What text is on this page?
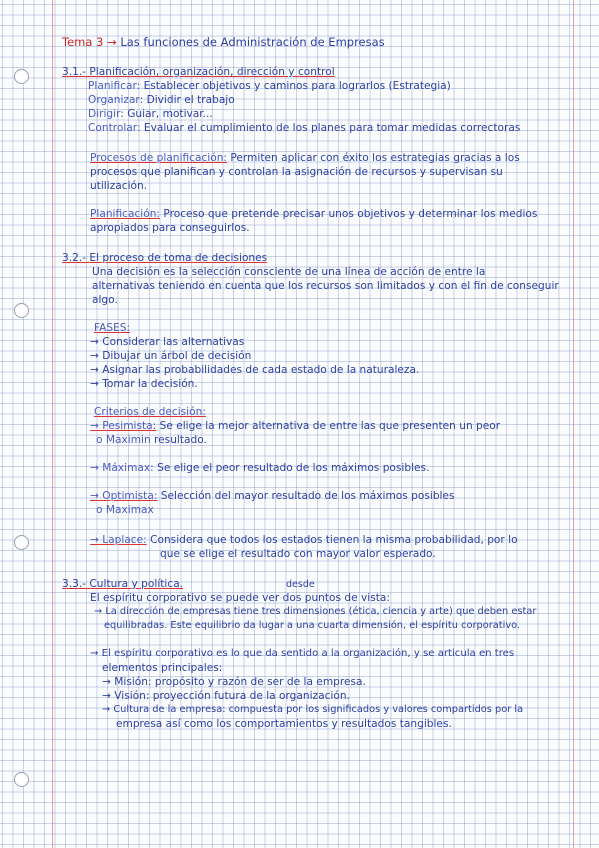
Tema 3 → Las funciones de Administración de Empresas
3.1.- Planificación, organización, dirección y control
Planificar: Establecer objetivos y caminos para lograrlos (Estrategia)
Organizar: Dividir el trabajo
Dirigir: Guiar, motivar...
Controlar: Evaluar el cumplimiento de los planes para tomar medidas correctoras
Procesos de planificación: Permiten aplicar con éxito los estrategias gracias a los
procesos que planifican y controlan la asignación de recursos y supervisan su
utilización.
Planificación: Proceso que pretende precisar unos objetivos y determinar los medios
apropiados para conseguirlos.
3.2.- El proceso de toma de decisiones
Una decisión es la selección consciente de una línea de acción de entre la
alternativas teniendo en cuenta que los recursos son limitados y con el fin de conseguir
algo.
FASES:
→ Considerar las alternativas
→ Dibujar un árbol de decisión
→ Asignar las probabilidades de cada estado de la naturaleza.
→ Tomar la decisión.
Criterios de decisión:
→ Pesimista: Se elige la mejor alternativa de entre las que presenten un peor
o Maximin resultado.
→ Máximax: Se elige el peor resultado de los máximos posibles.
→ Optimista: Selección del mayor resultado de los máximos posibles
o Maximax
→ Laplace: Considera que todos los estados tienen la misma probabilidad, por lo
que se elige el resultado con mayor valor esperado.
3.3.- Cultura y política.	desde
El espíritu corporativo se puede ver dos puntos de vista:
→ La dirección de empresas tiene tres dimensiones (ética, ciencia y arte) que deben estar
equilibradas. Este equilibrio da lugar a una cuarta dimensión, el espíritu corporativo.
→ El espíritu corporativo es lo que da sentido a la organización, y se articula en tres
elementos principales:
→ Misión: propósito y razón de ser de la empresa.
→ Visión: proyección futura de la organización.
→ Cultura de la empresa: compuesta por los significados y valores compartidos por la
empresa así como los comportamientos y resultados tangibles.
